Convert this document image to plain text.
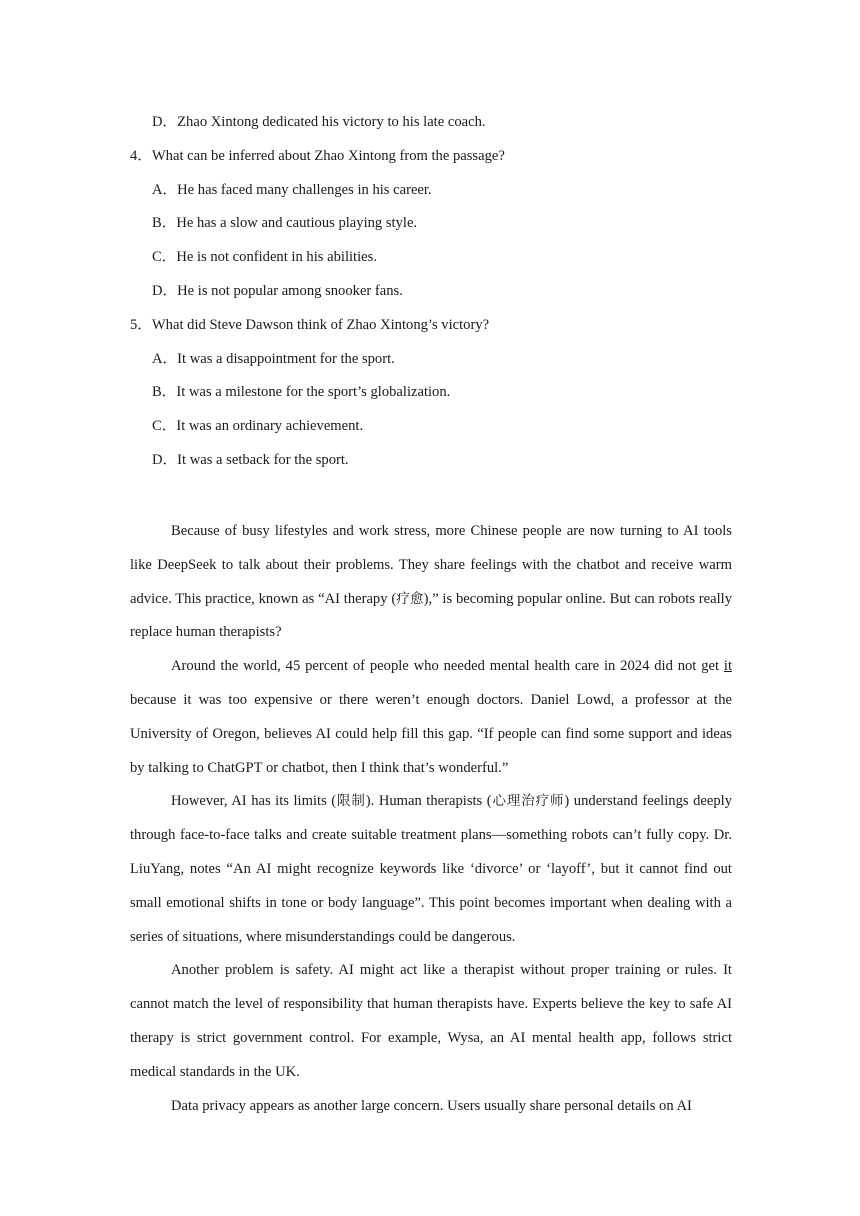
D．Zhao Xintong dedicated his victory to his late coach.
4．What can be inferred about Zhao Xintong from the passage?
A．He has faced many challenges in his career.
B．He has a slow and cautious playing style.
C．He is not confident in his abilities.
D．He is not popular among snooker fans.
5．What did Steve Dawson think of Zhao Xintong’s victory?
A．It was a disappointment for the sport.
B．It was a milestone for the sport’s globalization.
C．It was an ordinary achievement.
D．It was a setback for the sport.

Because of busy lifestyles and work stress, more Chinese people are now turning to AI tools like DeepSeek to talk about their problems. They share feelings with the chatbot and receive warm advice. This practice, known as “AI therapy (疗愈),” is becoming popular online. But can robots really replace human therapists?

Around the world, 45 percent of people who needed mental health care in 2024 did not get it because it was too expensive or there weren’t enough doctors. Daniel Lowd, a professor at the University of Oregon, believes AI could help fill this gap. “If people can find some support and ideas by talking to ChatGPT or chatbot, then I think that’s wonderful.”

However, AI has its limits (限制). Human therapists (心理治疗师) understand feelings deeply through face-to-face talks and create suitable treatment plans—something robots can’t fully copy. Dr. LiuYang, notes “An AI might recognize keywords like ‘divorce’ or ‘layoff’, but it cannot find out small emotional shifts in tone or body language”. This point becomes important when dealing with a series of situations, where misunderstandings could be dangerous.

Another problem is safety. AI might act like a therapist without proper training or rules. It cannot match the level of responsibility that human therapists have. Experts believe the key to safe AI therapy is strict government control. For example, Wysa, an AI mental health app, follows strict medical standards in the UK.

Data privacy appears as another large concern. Users usually share personal details on AI
